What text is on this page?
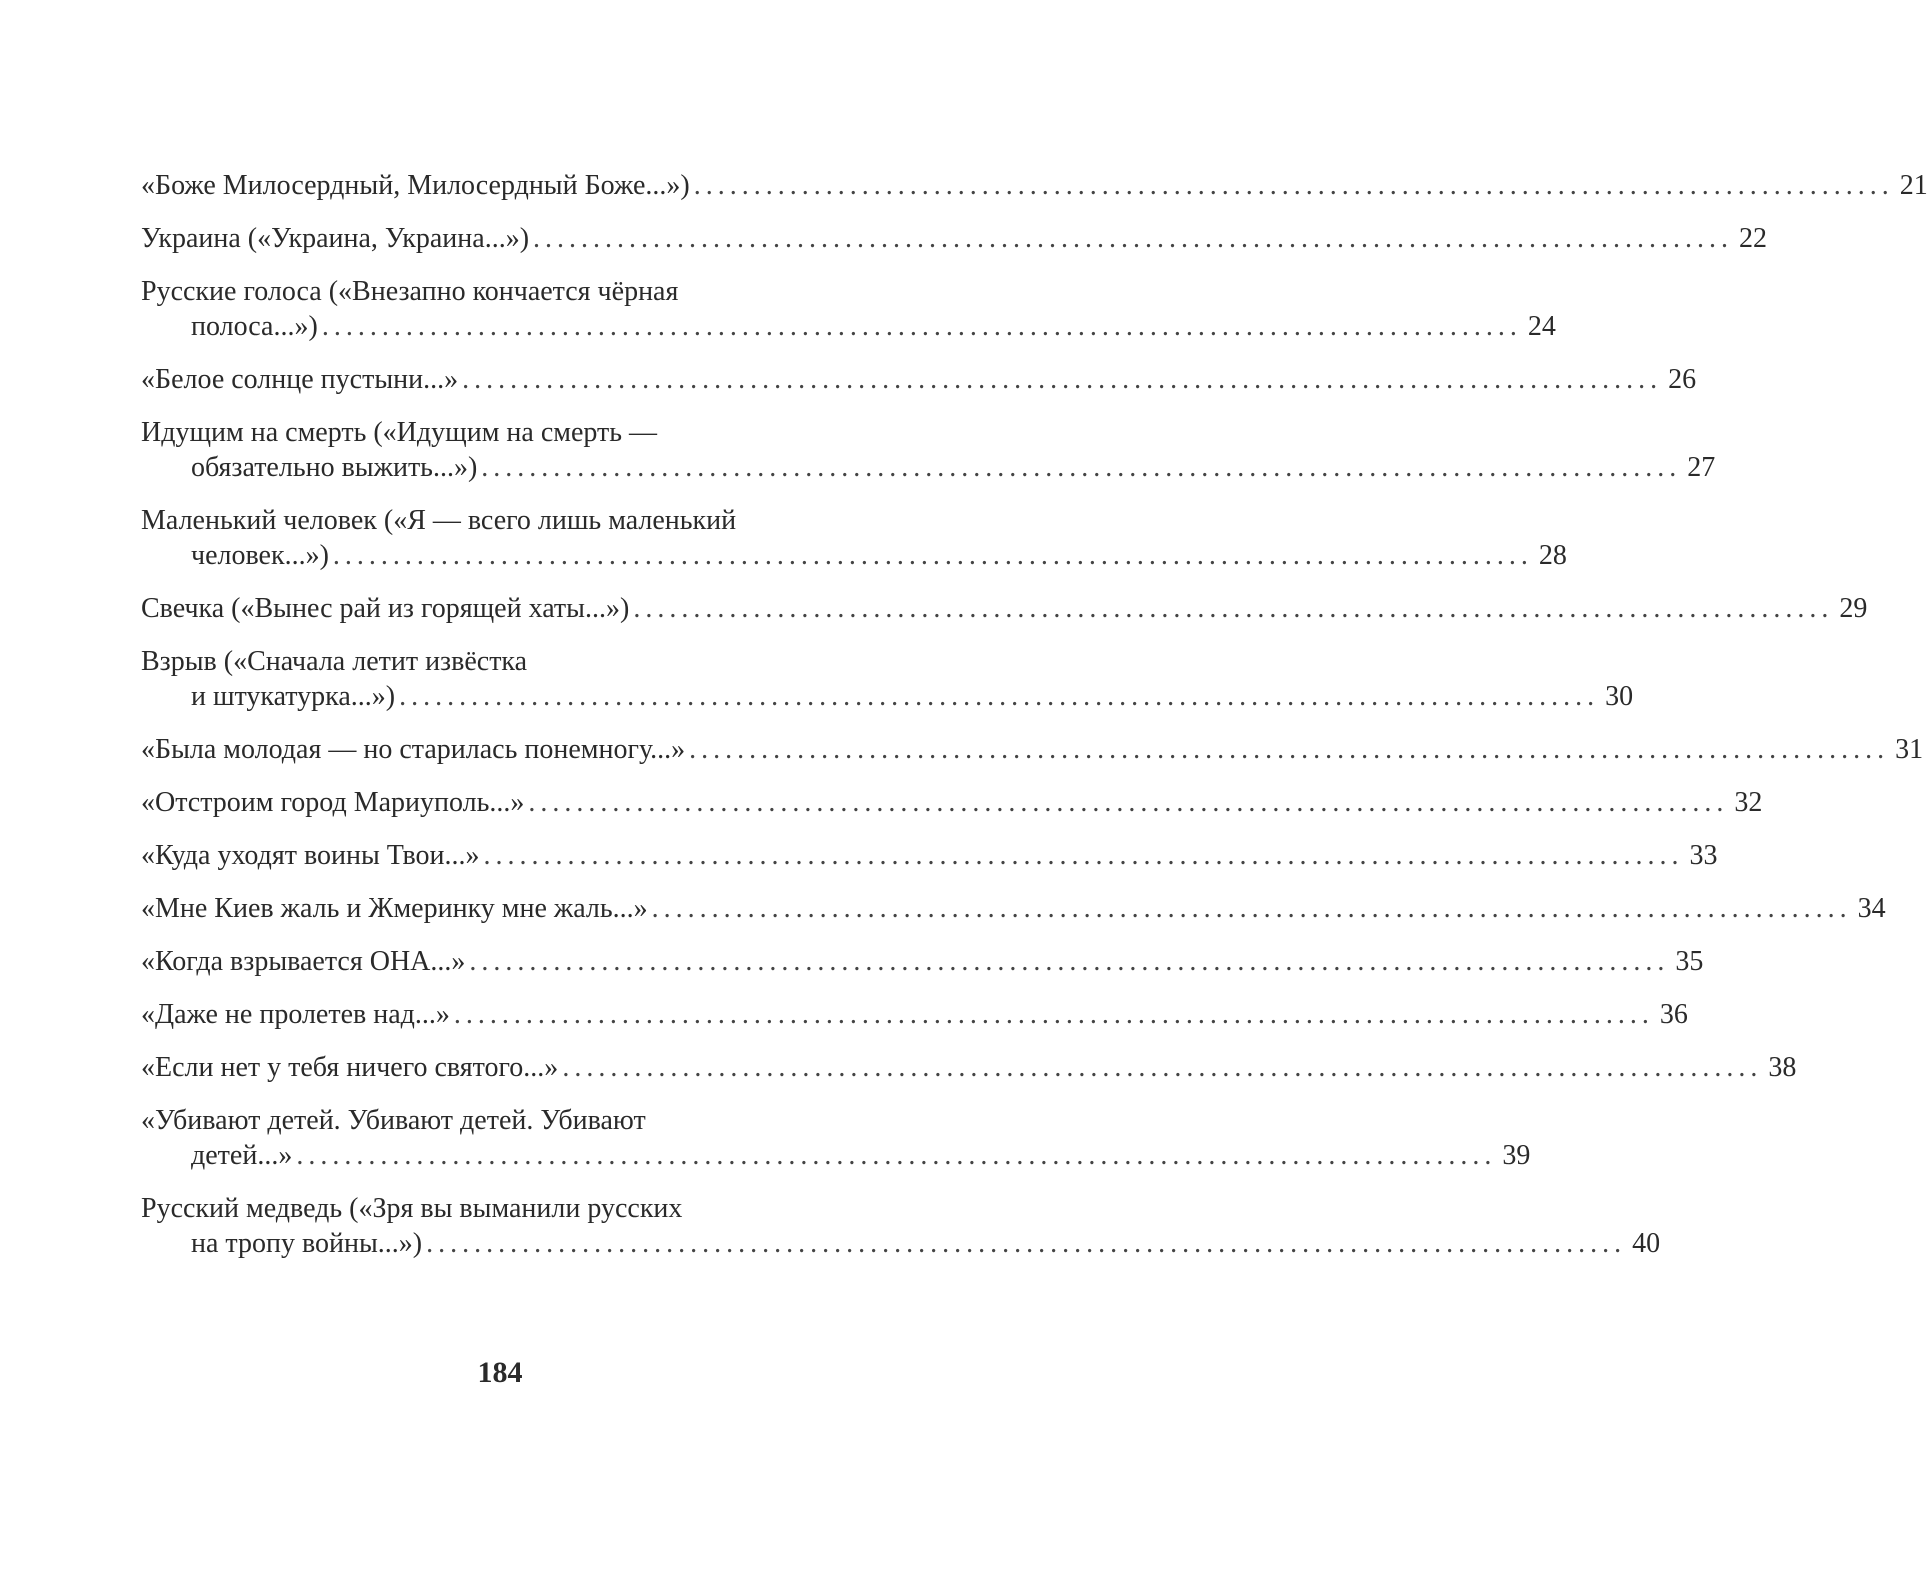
«Боже Милосердный, Милосердный Боже...») .................................................................................................... 21
Украина («Украина, Украина...») .................................................................................................... 22
Русские голоса («Внезапно кончается чёрная
полоса...») .................................................................................................... 24
«Белое солнце пустыни...» .................................................................................................... 26
Идущим на смерть («Идущим на смерть —
обязательно выжить...») .................................................................................................... 27
Маленький человек («Я — всего лишь маленький
человек...») .................................................................................................... 28
Свечка («Вынес рай из горящей хаты...») .................................................................................................... 29
Взрыв («Сначала летит извёстка
и штукатурка...») .................................................................................................... 30
«Была молодая — но старилась понемногу...» .................................................................................................... 31
«Отстроим город Мариуполь...» .................................................................................................... 32
«Куда уходят воины Твои...» .................................................................................................... 33
«Мне Киев жаль и Жмеринку мне жаль...» .................................................................................................... 34
«Когда взрывается ОНА...» .................................................................................................... 35
«Даже не пролетев над...» .................................................................................................... 36
«Если нет у тебя ничего святого...» .................................................................................................... 38
«Убивают детей. Убивают детей. Убивают
детей...» .................................................................................................... 39
Русский медведь («Зря вы выманили русских
на тропу войны...») .................................................................................................... 40
184
